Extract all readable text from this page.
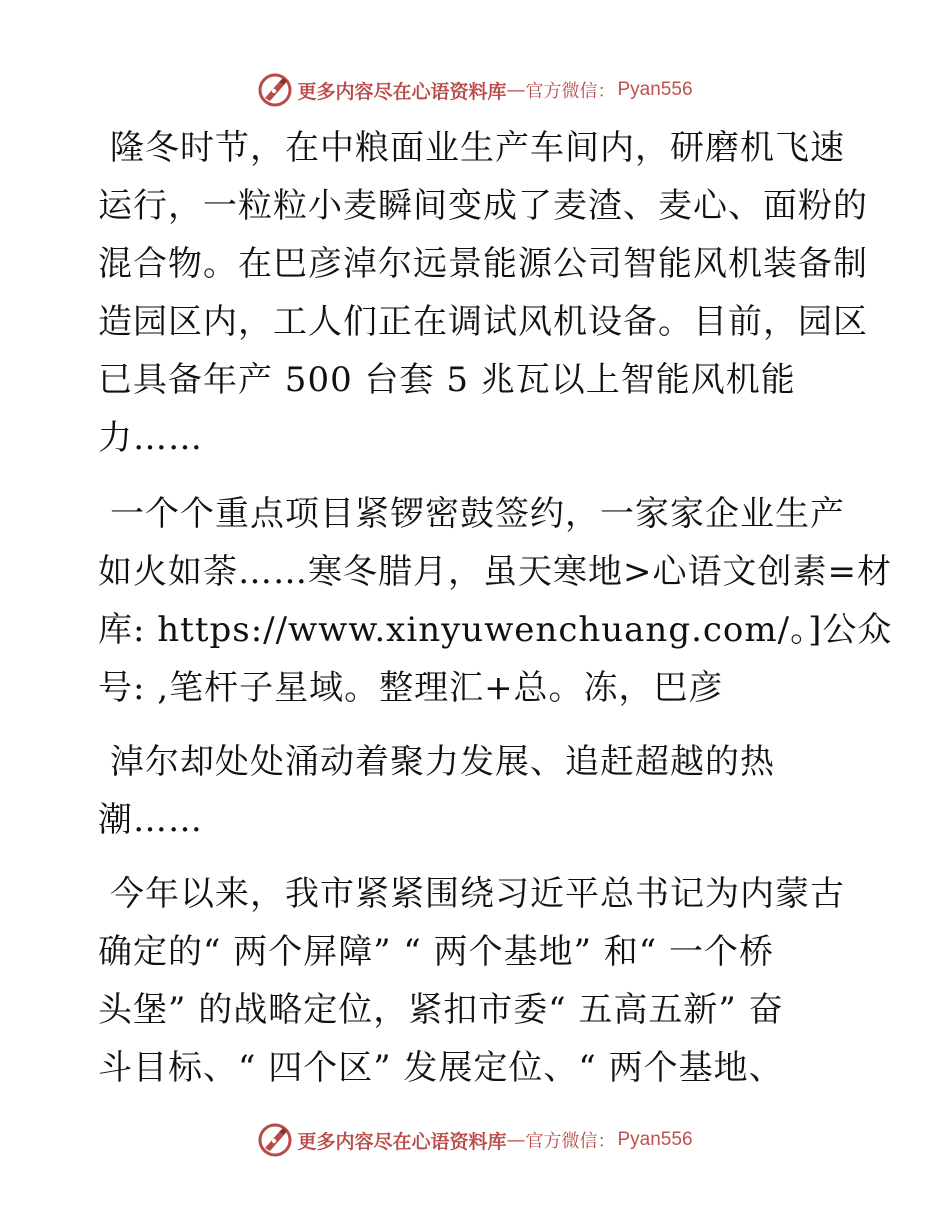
更多内容尽在心语资料库 — 官方微信： Pyan556
隆冬时节，在中粮面业生产车间内，研磨机飞速
运行，一粒粒小麦瞬间变成了麦渣、麦心、面粉的
混合物。在巴彦淖尔远景能源公司智能风机装备制
造园区内，工人们正在调试风机设备。目前，园区
已具备年产 500 台套 5 兆瓦以上智能风机能
力……
一个个重点项目紧锣密鼓签约，一家家企业生产
如火如荼……寒冬腊月，虽天寒地>心语文创素=材
库: https://www.xinyuwenchuang.com/。]公众
号: ,笔杆子星域。整理汇+总。冻，巴彦
淖尔却处处涌动着聚力发展、追赶超越的热
潮……
今年以来，我市紧紧围绕习近平总书记为内蒙古
确定的“ 两个屏障” “ 两个基地” 和“ 一个桥
头堡” 的战略定位，紧扣市委“ 五高五新” 奋
斗目标、“ 四个区” 发展定位、“ 两个基地、
更多内容尽在心语资料库 — 官方微信： Pyan556
